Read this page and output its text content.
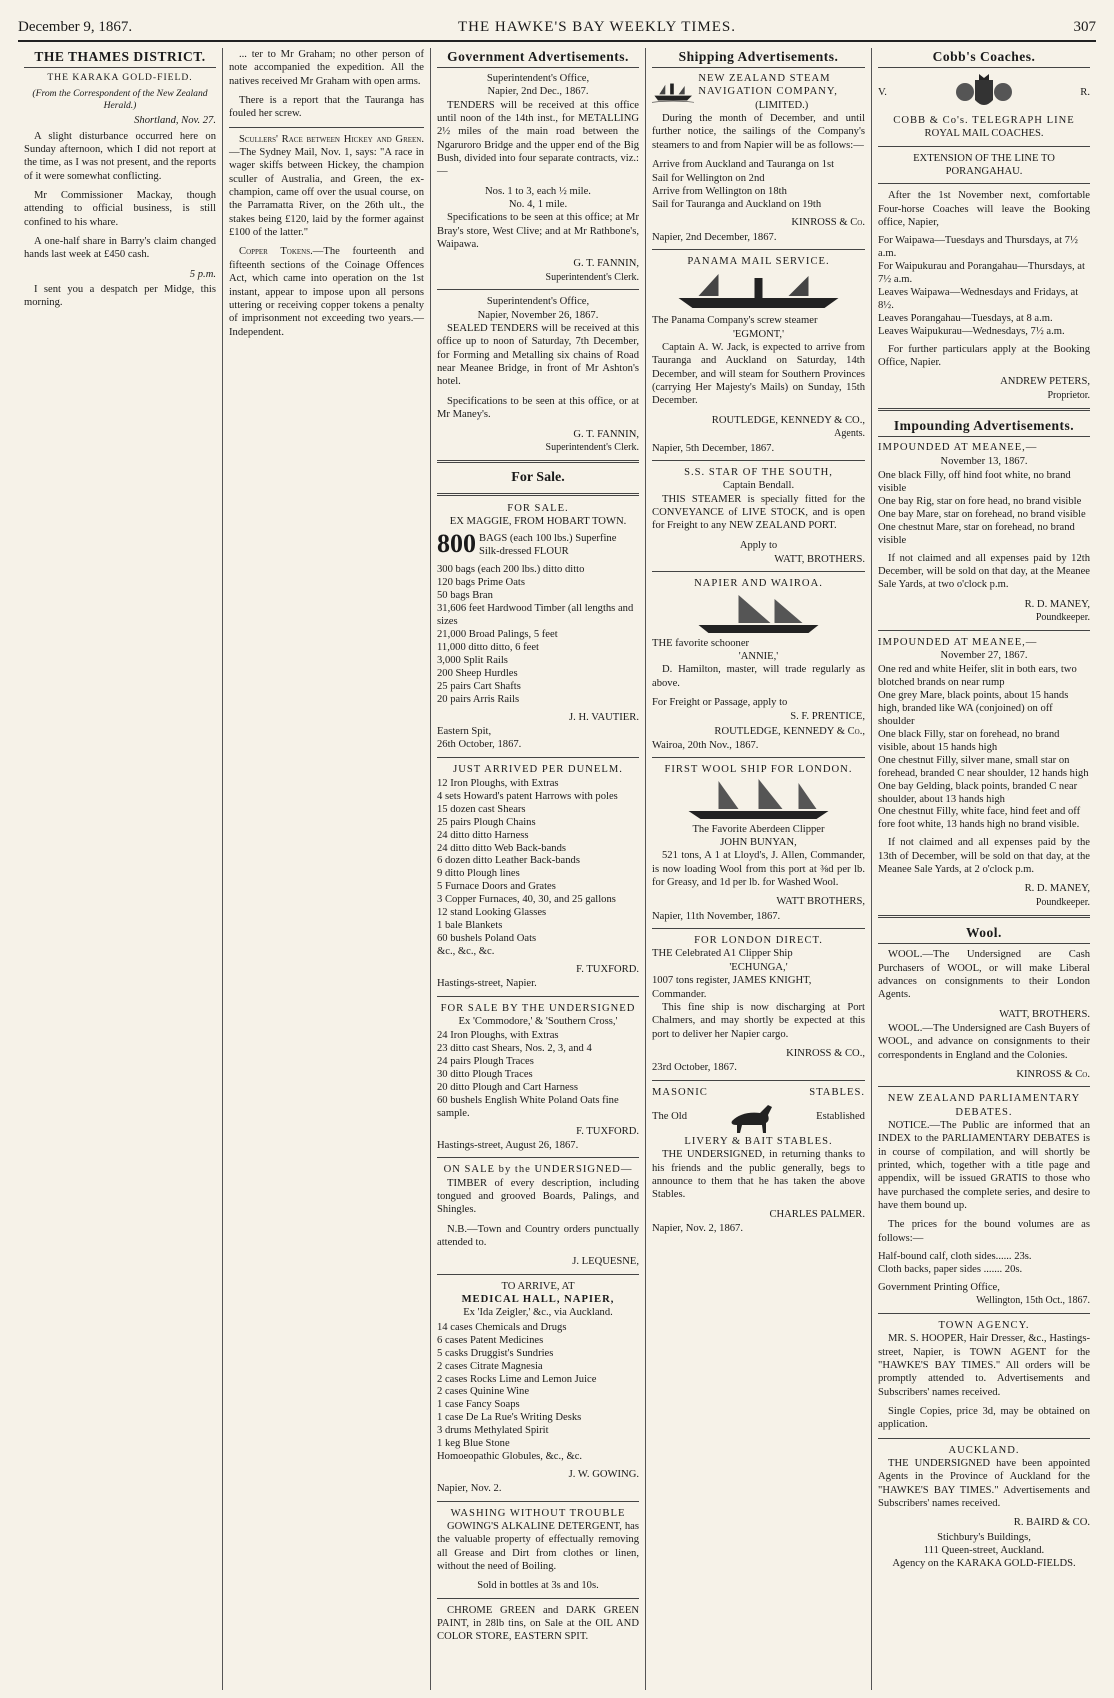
December 9, 1867.	THE HAWKE'S BAY WEEKLY TIMES.	307
THE THAMES DISTRICT.
THE KARAKA GOLD-FIELD.
(From the Correspondent of the New Zealand Herald.)
Shortland, Nov. 27.

A slight disturbance occurred here on Sunday afternoon, which I did not report at the time, as I was not present, and the reports of it were somewhat conflicting.

Mr Commissioner Mackay, though attending to official business, is still confined to his whare.

A one-half share in Barry's claim changed hands last week at £450 cash.

5 p.m.

I sent you a despatch per Midge, this morning.

... ter to Mr Graham; no other person of note accompanied the expedition. All the natives received Mr Graham with open arms.

There is a report that the Tauranga has fouled her screw.

Scullers' Race between Hickey and Green.—The Sydney Mail, Nov. 1, says: "A race in wager skiffs between Hickey, the champion sculler of Australia, and Green, the ex-champion, came off over the usual course, on the Parramatta River, on the 26th ult., the stakes being £120, laid by the former against £100 of the latter."

Copper Tokens.—The fourteenth and fifteenth sections of the Coinage Offences Act, which came into operation on the 1st instant, appear to impose upon all persons uttering or receiving copper tokens a penalty of imprisonment not exceeding two years.—Independent.

Government Advertisements.
Superintendent's Office,
Napier, 2nd Dec., 1867.

TENDERS will be received at this office until noon of the 14th inst., for METALLING 2½ miles of the main road between the Ngaruroro Bridge and the upper end of the Big Bush, divided into four separate contracts, viz.:—

Nos. 1 to 3, each ½ mile.
No. 4, 1 mile.

Specifications to be seen at this office; at Mr Bray's store, West Clive; and at Mr Rathbone's, Waipawa.

G. T. FANNIN,
Superintendent's Clerk.
Superintendent's Office,
Napier, November 26, 1867.

SEALED TENDERS will be received at this office up to noon of Saturday, 7th December, for Forming and Metalling six chains of Road near Meanee Bridge, in front of Mr Ashton's hotel.

Specifications to be seen at this office, or at Mr Maney's.

G. T. FANNIN,
Superintendent's Clerk.
For Sale.
FOR SALE.
EX MAGGIE, FROM HOBART TOWN.
800 BAGS (each 100 lbs.) Superfine Silk-dressed FLOUR
300 bags (each 200 lbs.) ditto ditto
120 bags Prime Oats
50 bags Bran
31,606 feet Hardwood Timber (all lengths and sizes
21,000 Broad Palings, 5 feet
11,000 ditto ditto, 6 feet
3,000 Split Rails
200 Sheep Hurdles
25 pairs Cart Shafts
20 pairs Arris Rails
J. H. VAUTIER.
Eastern Spit,
26th October, 1867.
JUST ARRIVED PER DUNELM.
12 Iron Ploughs, with Extras
4 sets Howard's patent Harrows with poles
15 dozen cast Shears
25 pairs Plough Chains
24 ditto ditto Harness
24 ditto ditto Web Back-bands
6 dozen ditto Leather Back-bands
9 ditto Plough lines
5 Furnace Doors and Grates
3 Copper Furnaces, 40, 30, and 25 gallons
12 stand Looking Glasses
1 bale Blankets
60 bushels Poland Oats
&c., &c., &c.
F. TUXFORD.
Hastings-street, Napier.
FOR SALE BY THE UNDERSIGNED
Ex 'Commodore,' & 'Southern Cross,'
24 Iron Ploughs, with Extras
23 ditto cast Shears, Nos. 2, 3, and 4
24 pairs Plough Traces
30 ditto Plough Traces
20 ditto Plough and Cart Harness
60 bushels English White Poland Oats fine sample.
F. TUXFORD.
Hastings-street, August 26, 1867.
ON SALE by the UNDERSIGNED—

TIMBER of every description, including tongued and grooved Boards, Palings, and Shingles.

N.B.—Town and Country orders punctually attended to.

J. LEQUESNE,
TO ARRIVE, AT
MEDICAL HALL, NAPIER,
Ex 'Ida Zeigler,' &c., via Auckland.
14 cases Chemicals and Drugs
6 cases Patent Medicines
5 casks Druggist's Sundries
2 cases Citrate Magnesia
2 cases Rocks Lime and Lemon Juice
2 cases Quinine Wine
1 case Fancy Soaps
1 case De La Rue's Writing Desks
3 drums Methylated Spirit
1 keg Blue Stone
Homoeopathic Globules, &c., &c.
J. W. GOWING.
Napier, Nov. 2.
WASHING WITHOUT TROUBLE

GOWING'S ALKALINE DETERGENT, has the valuable property of effectually removing all Grease and Dirt from clothes or linen, without the need of Boiling.

Sold in bottles at 3s and 10s.

CHROME GREEN and DARK GREEN PAINT, in 28lb tins, on Sale at the OIL AND COLOR STORE, EASTERN SPIT.

Shipping Advertisements.
NEW ZEALAND STEAM NAVIGATION COMPANY,
(LIMITED.)

During the month of December, and until further notice, the sailings of the Company's steamers to and from Napier will be as follows:—

Arrive from Auckland and Tauranga on 1st
Sail for Wellington on 2nd
Arrive from Wellington on 18th
Sail for Tauranga and Auckland on 19th
KINROSS & Co.
Napier, 2nd December, 1867.
PANAMA MAIL SERVICE.
The Panama Company's screw steamer
'EGMONT,'

Captain A. W. Jack, is expected to arrive from Tauranga and Auckland on Saturday, 14th December, and will steam for Southern Provinces (carrying Her Majesty's Mails) on Sunday, 15th December.

ROUTLEDGE, KENNEDY & CO.,
Agents.
Napier, 5th December, 1867.
S.S. STAR OF THE SOUTH,
Captain Bendall.

THIS STEAMER is specially fitted for the CONVEYANCE of LIVE STOCK, and is open for Freight to any NEW ZEALAND PORT.

Apply to
WATT, BROTHERS.
NAPIER AND WAIROA.
THE favorite schooner
'ANNIE,'

D. Hamilton, master, will trade regularly as above.

For Freight or Passage, apply to
S. F. PRENTICE,
ROUTLEDGE, KENNEDY & Co.,
Wairoa, 20th Nov., 1867.
FIRST WOOL SHIP FOR LONDON.
The Favorite Aberdeen Clipper
JOHN BUNYAN,

521 tons, A 1 at Lloyd's, J. Allen, Commander, is now loading Wool from this port at ⅜d per lb. for Greasy, and 1d per lb. for Washed Wool.

WATT BROTHERS,
Napier, 11th November, 1867.
FOR LONDON DIRECT.
THE Celebrated A1 Clipper Ship
'ECHUNGA,'
1007 tons register, JAMES KNIGHT, Commander.

This fine ship is now discharging at Port Chalmers, and may shortly be expected at this port to deliver her Napier cargo.

KINROSS & CO.,
23rd October, 1867.
MASONIC	STABLES.
The Old	Established
LIVERY & BAIT STABLES.

THE UNDERSIGNED, in returning thanks to his friends and the public generally, begs to announce to them that he has taken the above Stables.

CHARLES PALMER.
Napier, Nov. 2, 1867.
Cobb's Coaches.
V.	R.
COBB & Co's. TELEGRAPH LINE
ROYAL MAIL COACHES.
EXTENSION OF THE LINE TO PORANGAHAU.

After the 1st November next, comfortable Four-horse Coaches will leave the Booking office, Napier,

For Waipawa—Tuesdays and Thursdays, at 7½ a.m.
For Waipukurau and Porangahau—Thursdays, at 7½ a.m.
Leaves Waipawa—Wednesdays and Fridays, at 8½.
Leaves Porangahau—Tuesdays, at 8 a.m.
Leaves Waipukurau—Wednesdays, 7½ a.m.

For further particulars apply at the Booking Office, Napier.

ANDREW PETERS,
Proprietor.
Impounding Advertisements.
IMPOUNDED AT MEANEE,—
November 13, 1867.
One black Filly, off hind foot white, no brand visible
One bay Rig, star on fore head, no brand visible
One bay Mare, star on forehead, no brand visible
One chestnut Mare, star on forehead, no brand visible

If not claimed and all expenses paid by 12th December, will be sold on that day, at the Meanee Sale Yards, at two o'clock p.m.

R. D. MANEY,
Poundkeeper.
IMPOUNDED AT MEANEE,—
November 27, 1867.
One red and white Heifer, slit in both ears, two blotched brands on near rump
One grey Mare, black points, about 15 hands high, branded like WA (conjoined) on off shoulder
One black Filly, star on forehead, no brand visible, about 15 hands high
One chestnut Filly, silver mane, small star on forehead, branded C near shoulder, 12 hands high
One bay Gelding, black points, branded C near shoulder, about 13 hands high
One chestnut Filly, white face, hind feet and off fore foot white, 13 hands high no brand visible.

If not claimed and all expenses paid by the 13th of December, will be sold on that day, at the Meanee Sale Yards, at 2 o'clock p.m.

R. D. MANEY,
Poundkeeper.
Wool.

WOOL.—The Undersigned are Cash Purchasers of WOOL, or will make Liberal advances on consignments to their London Agents.

WATT, BROTHERS.

WOOL.—The Undersigned are Cash Buyers of WOOL, and advance on consignments to their correspondents in England and the Colonies.

KINROSS & Co.
NEW ZEALAND PARLIAMENTARY DEBATES.

NOTICE.—The Public are informed that an INDEX to the PARLIAMENTARY DEBATES is in course of compilation, and will shortly be printed, which, together with a title page and appendix, will be issued GRATIS to those who have purchased the complete series, and desire to have them bound up.

The prices for the bound volumes are as follows:—

Half-bound calf, cloth sides...... 23s.
Cloth backs, paper sides ....... 20s.
Government Printing Office,
Wellington, 15th Oct., 1867.
TOWN AGENCY.

MR. S. HOOPER, Hair Dresser, &c., Hastings-street, Napier, is TOWN AGENT for the "HAWKE'S BAY TIMES." All orders will be promptly attended to. Advertisements and Subscribers' names received.

Single Copies, price 3d, may be obtained on application.

AUCKLAND.

THE UNDERSIGNED have been appointed Agents in the Province of Auckland for the "HAWKE'S BAY TIMES." Advertisements and Subscribers' names received.

R. BAIRD & CO.
Stichbury's Buildings,
111 Queen-street, Auckland.
Agency on the KARAKA GOLD-FIELDS.
